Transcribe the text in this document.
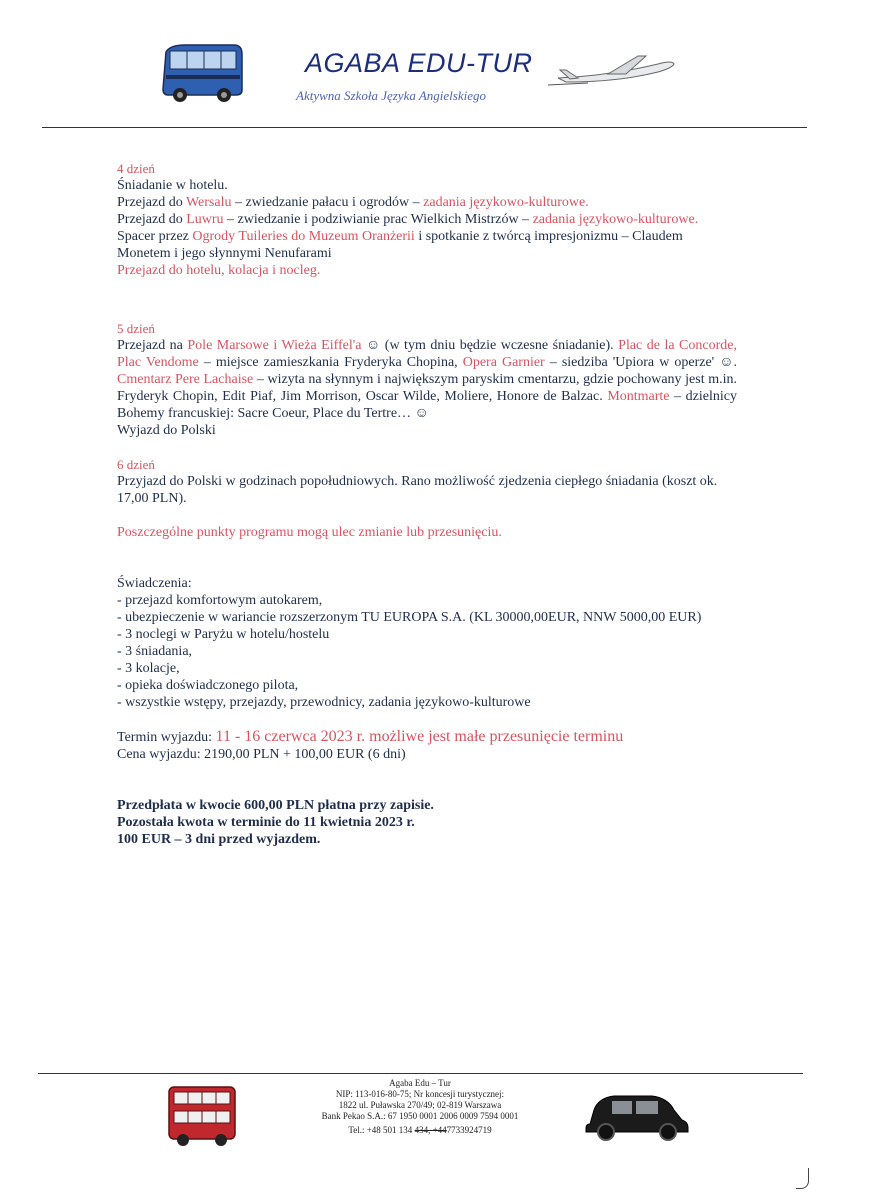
AGABA EDU-TUR
Aktywna Szkoła Języka Angielskiego

4 dzień

Śniadanie w hotelu.

Przejazd do Wersalu – zwiedzanie pałacu i ogrodów – zadania językowo-kulturowe.

Przejazd do Luwru – zwiedzanie i podziwianie prac Wielkich Mistrzów – zadania językowo-kulturowe. Spacer przez Ogrody Tuileries do Muzeum Oranżerii i spotkanie z twórcą impresjonizmu – Claudem Monetem i jego słynnymi Nenufarami

Przejazd do hotelu, kolacja i nocleg.

5 dzień

Przejazd na Pole Marsowe i Wieża Eiffel'a ☺ (w tym dniu będzie wczesne śniadanie). Plac de la Concorde, Plac Vendome – miejsce zamieszkania Fryderyka Chopina, Opera Garnier – siedziba 'Upiora w operze' ☺. Cmentarz Pere Lachaise – wizyta na słynnym i największym paryskim cmentarzu, gdzie pochowany jest m.in. Fryderyk Chopin, Edit Piaf, Jim Morrison, Oscar Wilde, Moliere, Honore de Balzac. Montmarte – dzielnicy Bohemy francuskiej: Sacre Coeur, Place du Tertre… ☺

Wyjazd do Polski

6 dzień

Przyjazd do Polski w godzinach popołudniowych. Rano możliwość zjedzenia ciepłego śniadania (koszt ok. 17,00 PLN).

Poszczególne punkty programu mogą ulec zmianie lub przesunięciu.

Świadczenia:

- przejazd komfortowym autokarem,

- ubezpieczenie w wariancie rozszerzonym TU EUROPA S.A. (KL 30000,00EUR, NNW 5000,00 EUR)

- 3 noclegi w Paryżu w hotelu/hostelu

- 3 śniadania,

- 3 kolacje,

- opieka doświadczonego pilota,

- wszystkie wstępy, przejazdy, przewodnicy, zadania językowo-kulturowe

Termin wyjazdu: 11 - 16 czerwca 2023 r. możliwe jest małe przesunięcie terminu

Cena wyjazdu: 2190,00 PLN + 100,00 EUR (6 dni)

Przedpłata w kwocie 600,00 PLN płatna przy zapisie.

Pozostała kwota w terminie do 11 kwietnia 2023 r.

100 EUR – 3 dni przed wyjazdem.

Agaba Edu – Tur
NIP: 113-016-80-75; Nr koncesji turystycznej:
1822 ul. Puławska 270/49; 02-819 Warszawa
Bank Pekao S.A.: 67 1950 0001 2006 0009 7594 0001
Tel.: +48 501 134 434, +447733924719
